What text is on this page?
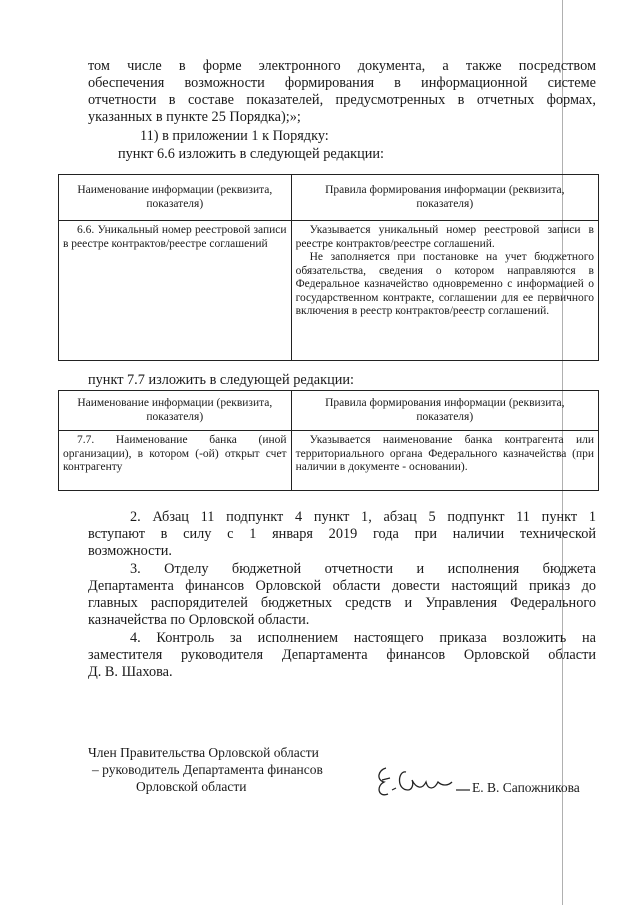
том числе в форме электронного документа, а также посредством

обеспечения возможности формирования в информационной системе

отчетности в составе показателей, предусмотренных в отчетных формах,

указанных в пункте 25 Порядка);»;

11) в приложении 1 к Порядку:

пункт 6.6 изложить в следующей редакции:

Наименование информации (реквизита, показателя)	Правила формирования информации (реквизита, показателя)
6.6. Уникальный номер реестровой записи в реестре контрактов/реестре соглашений	Указывается уникальный номер реестровой записи в реестре контрактов/реестре соглашений.
Не заполняется при постановке на учет бюджетного обязательства, сведения о котором направляются в Федеральное казначейство одновременно с информацией о государственном контракте, соглашении для ее первичного включения в реестр контрактов/реестр соглашений.

пункт 7.7 изложить в следующей редакции:

Наименование информации (реквизита, показателя)	Правила формирования информации (реквизита, показателя)
7.7. Наименование банка (иной организации), в котором (-ой) открыт счет контрагенту	Указывается наименование банка контрагента или территориального органа Федерального казначейства (при наличии в документе - основании).

2. Абзац 11 подпункт 4 пункт 1, абзац 5 подпункт 11 пункт 1

вступают в силу с 1 января 2019 года при наличии технической

возможности.

3. Отделу бюджетной отчетности и исполнения бюджета

Департамента финансов Орловской области довести настоящий приказ до

главных распорядителей бюджетных средств и Управления Федерального

казначейства по Орловской области.

4. Контроль за исполнением настоящего приказа возложить на

заместителя руководителя Департамента финансов Орловской области

Д. В. Шахова.

Член Правительства Орловской области
– руководитель Департамента финансов
Орловской области	Е. В. Сапожникова
